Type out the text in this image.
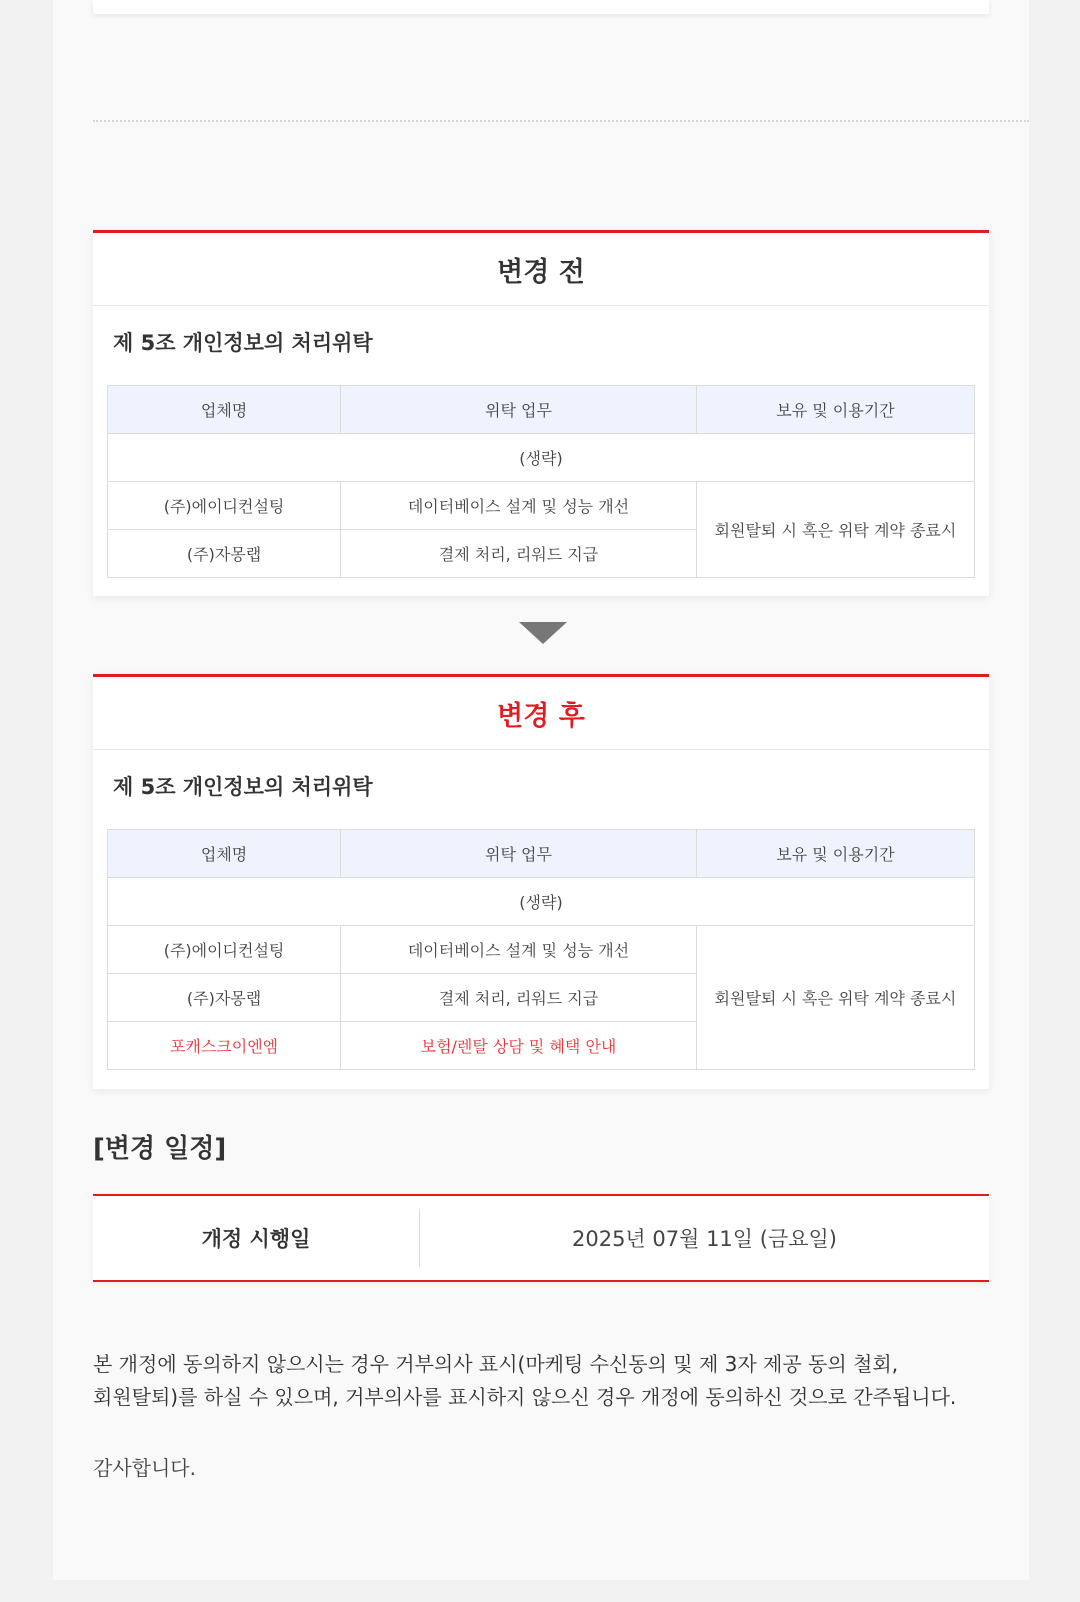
변경 전
제 5조 개인정보의 처리위탁
업체명	위탁 업무	보유 및 이용기간
(생략)		
(주)에이디컨설팅	데이터베이스 설계 및 성능 개선	회원탈퇴 시 혹은 위탁 계약 종료시
(주)자몽랩	결제 처리, 리워드 지급	
변경 후
제 5조 개인정보의 처리위탁
업체명	위탁 업무	보유 및 이용기간
(생략)		
(주)에이디컨설팅	데이터베이스 설계 및 성능 개선	회원탈퇴 시 혹은 위탁 계약 종료시
(주)자몽랩	결제 처리, 리워드 지급	
포캐스크이엔엠	보험/렌탈 상담 및 혜택 안내	
[변경 일정]
개정 시행일	2025년 07월 11일 (금요일)
본 개정에 동의하지 않으시는 경우 거부의사 표시(마케팅 수신동의 및 제 3자 제공 동의 철회,
회원탈퇴)를 하실 수 있으며, 거부의사를 표시하지 않으신 경우 개정에 동의하신 것으로 간주됩니다.
감사합니다.
